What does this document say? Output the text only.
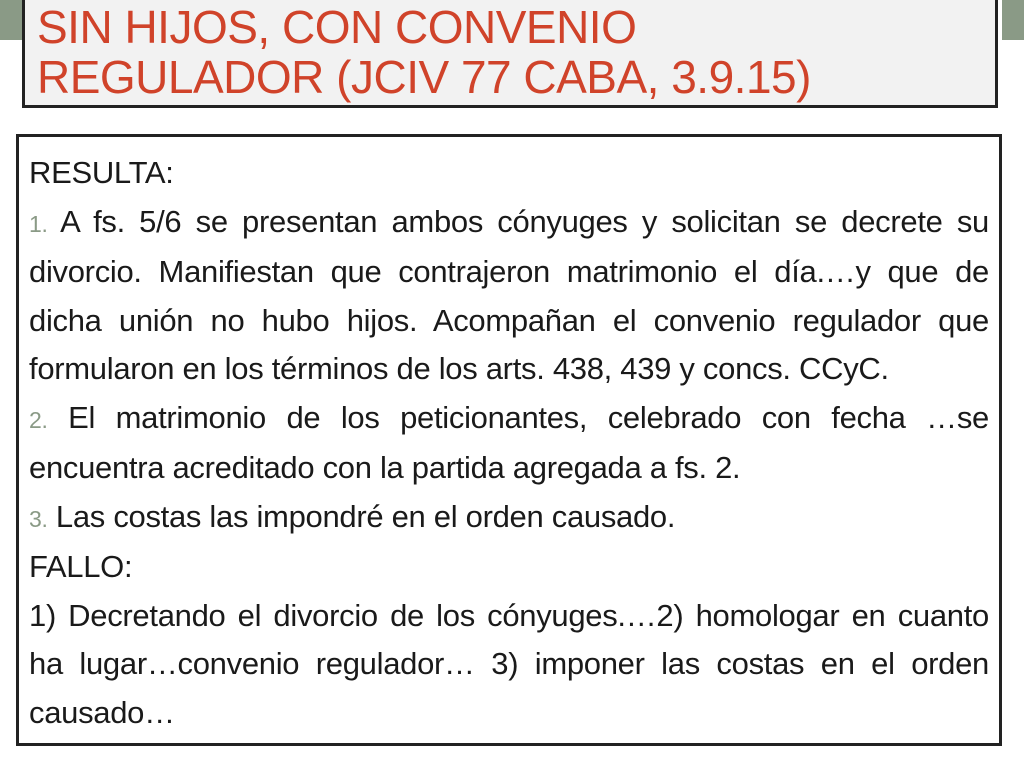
SIN HIJOS, CON CONVENIO
REGULADOR (JCIV 77 CABA, 3.9.15)

RESULTA:

1. A fs. 5/6 se presentan ambos cónyuges y solicitan se decrete su divorcio. Manifiestan que contrajeron matrimonio el día.…y que de dicha unión no hubo hijos. Acompañan el convenio regulador que formularon en los términos de los arts. 438, 439 y concs. CCyC.

2. El matrimonio de los peticionantes, celebrado con fecha …se encuentra acreditado con la partida agregada a fs. 2.

3. Las costas las impondré en el orden causado.

FALLO:

1) Decretando el divorcio de los cónyuges.…2) homologar en cuanto ha lugar…convenio regulador… 3) imponer las costas en el orden causado…
